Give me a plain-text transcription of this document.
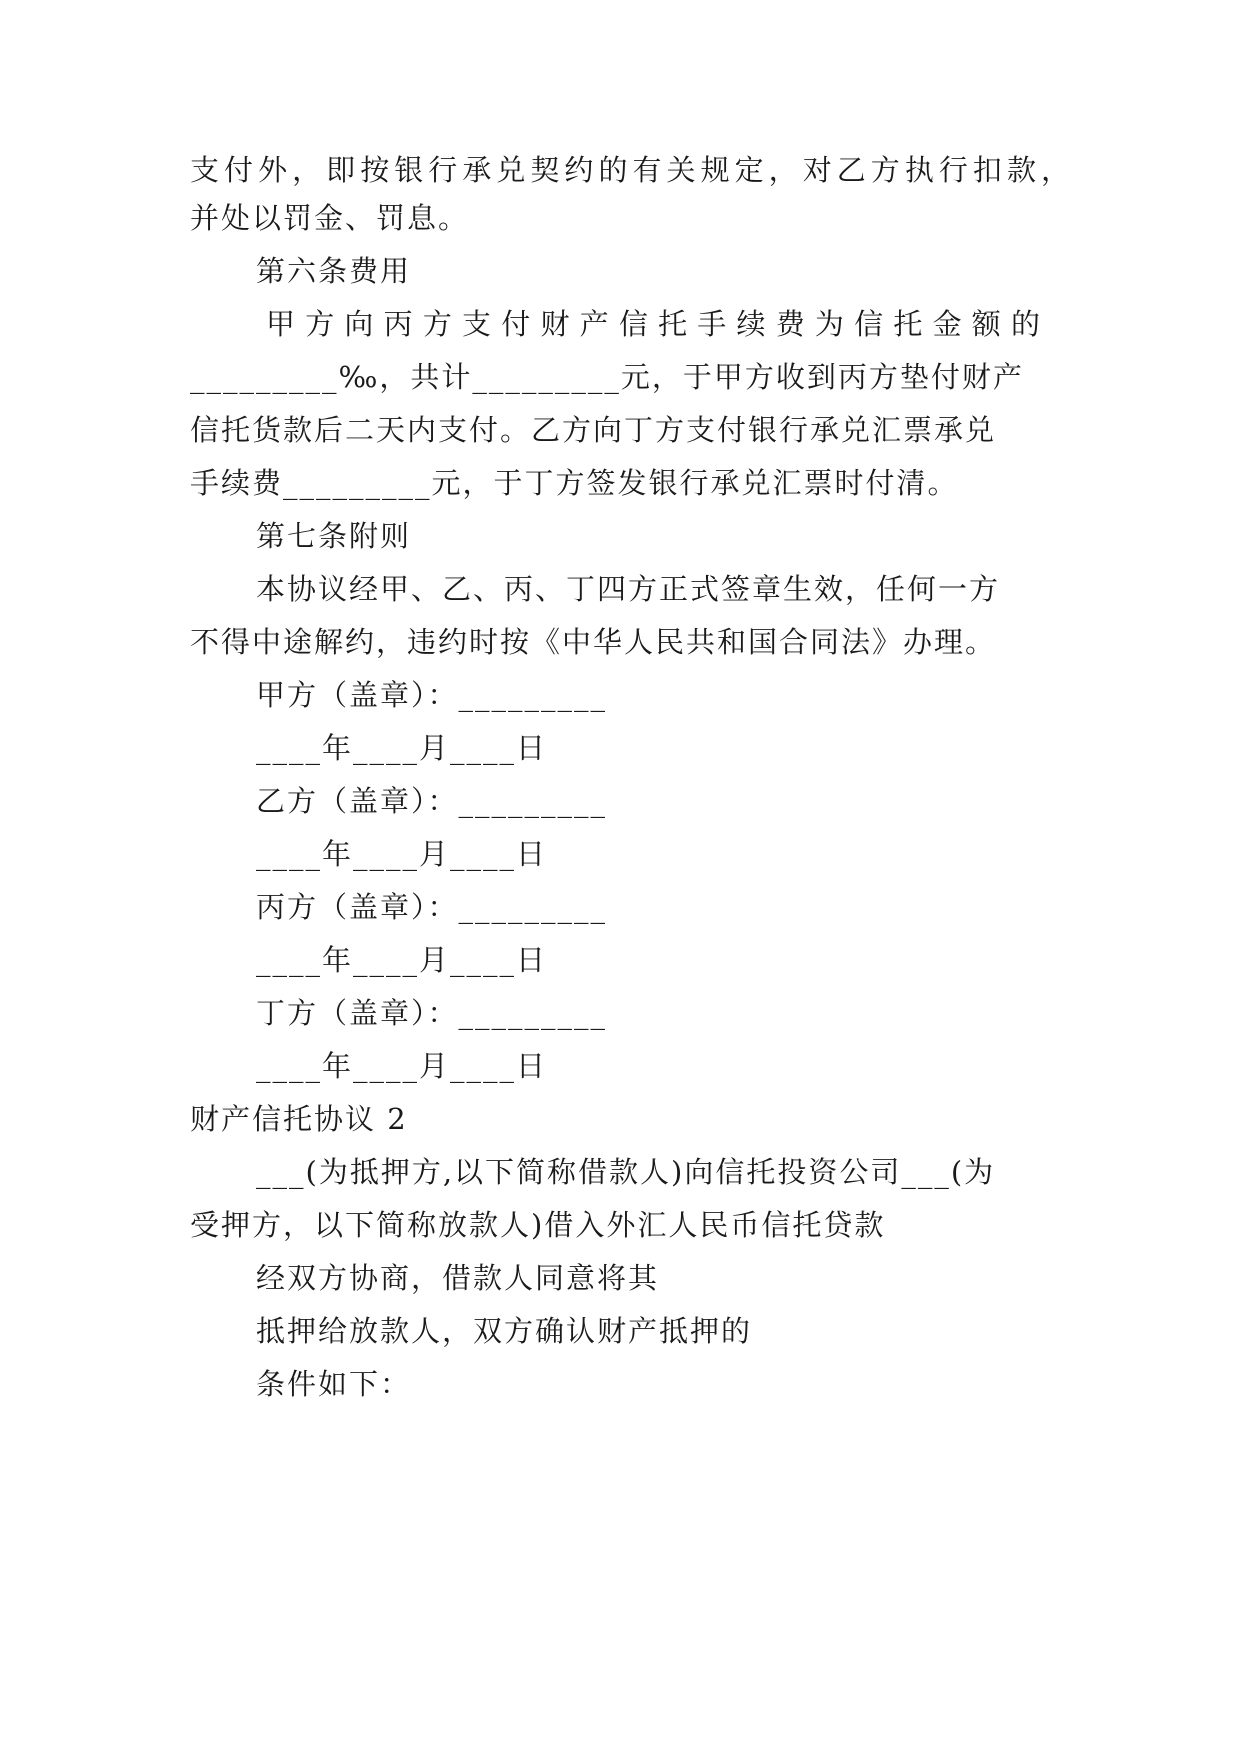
支付外，即按银行承兑契约的有关规定，对乙方执行扣款，
并处以罚金、罚息。
第六条费用
甲方向丙方支付财产信托手续费为信托金额的
_________‰，共计_________元，于甲方收到丙方垫付财产
信托货款后二天内支付。乙方向丁方支付银行承兑汇票承兑
手续费_________元，于丁方签发银行承兑汇票时付清。
第七条附则
本协议经甲、乙、丙、丁四方正式签章生效，任何一方
不得中途解约，违约时按《中华人民共和国合同法》办理。
甲方（盖章）：_________
____年____月____日
乙方（盖章）：_________
____年____月____日
丙方（盖章）：_________
____年____月____日
丁方（盖章）：_________
____年____月____日
财产信托协议 2
___(为抵押方,以下简称借款人)向信托投资公司___(为
受押方，以下简称放款人)借入外汇人民币信托贷款
经双方协商，借款人同意将其
抵押给放款人，双方确认财产抵押的
条件如下：
